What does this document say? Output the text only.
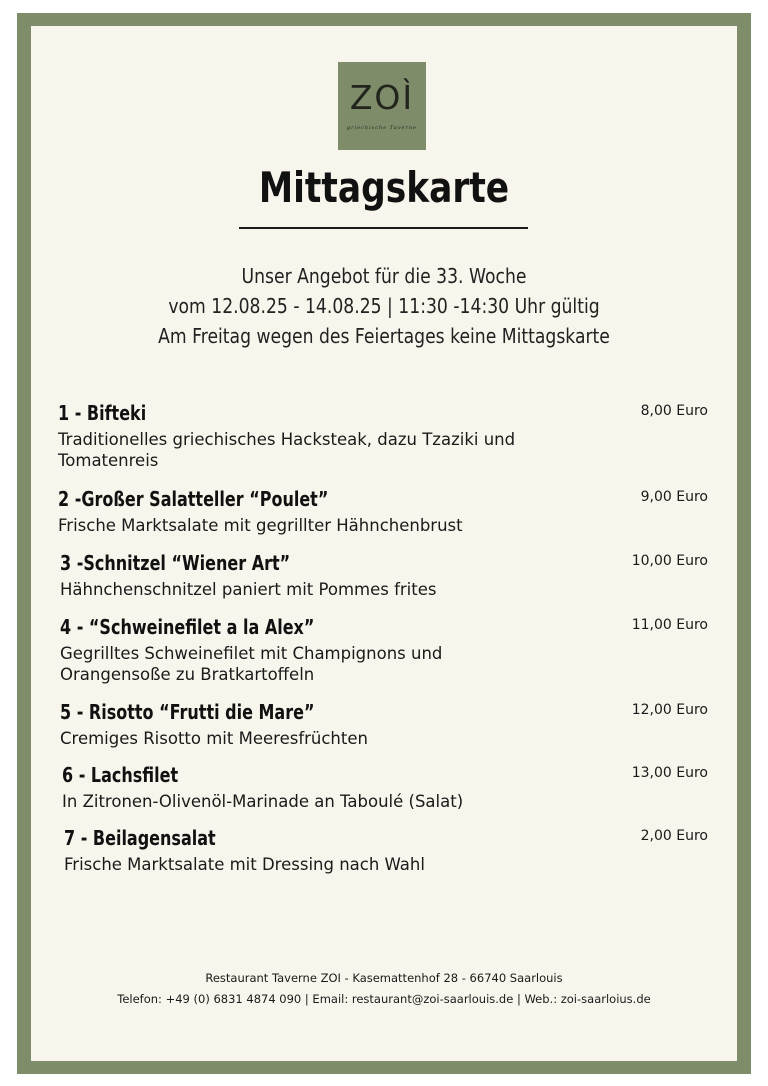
ZOÌ
griechische Taverne
Mittagskarte
Unser Angebot für die 33. Woche
vom 12.08.25 - 14.08.25 | 11:30 -14:30 Uhr gültig
Am Freitag wegen des Feiertages keine Mittagskarte
1 - Bifteki
Traditionelles griechisches Hacksteak, dazu Tzaziki und Tomatenreis
8,00 Euro
2 -Großer Salatteller “Poulet”
Frische Marktsalate mit gegrillter Hähnchenbrust
9,00 Euro
3 -Schnitzel “Wiener Art”
Hähnchenschnitzel paniert mit Pommes frites
10,00 Euro
4 - “Schweinefilet a la Alex”
Gegrilltes Schweinefilet mit Champignons und Orangensoße zu Bratkartoffeln
11,00 Euro
5 - Risotto “Frutti die Mare”
Cremiges Risotto mit Meeresfrüchten
12,00 Euro
6 - Lachsfilet
In Zitronen-Olivenöl-Marinade an Taboulé (Salat)
13,00 Euro
7 - Beilagensalat
Frische Marktsalate mit Dressing nach Wahl
2,00 Euro
Restaurant Taverne ZOI - Kasemattenhof 28 - 66740 Saarlouis
Telefon: +49 (0) 6831 4874 090 | Email: restaurant@zoi-saarlouis.de | Web.: zoi-saarloius.de
